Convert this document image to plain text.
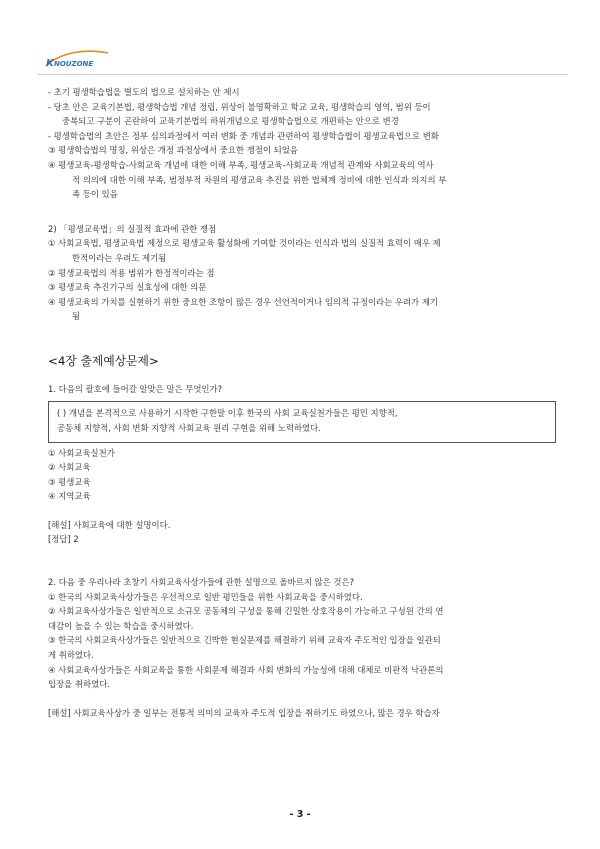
K NOUZONE

- 초기 평생학습법을 별도의 법으로 설치하는 안 제시

- 당초 안은 교육기본법, 평생학습법 개념 정립, 위상이 불명확하고 학교 교육, 평생학습의 영역, 범위 등이

중복되고 구분이 곤란하여 교육기본법의 하위개념으로 평생학습법으로 개편하는 안으로 변경

- 평생학습법의 초안은 정부 심의과정에서 여러 변화 중 개념과 관련하여 평생학습법이 평생교육법으로 변화

③ 평생학습법의 명칭, 위상은 개정 과정상에서 중요한 쟁점이 되었음

④ 평생교육-평생학습-사회교육 개념에 대한 이해 부족, 평생교육-사회교육 개념적 관계와 사회교육의 역사

적 의의에 대한 이해 부족, 범정부적 차원의 평생교육 추진을 위한 법체계 정비에 대한 인식과 의지의 부

족 등이 있음

2) 「평생교육법」의 실질적 효과에 관한 쟁점

① 사회교육법, 평생교육법 제정으로 평생교육 활성화에 기여할 것이라는 인식과 법의 실질적 효력이 매우 제

한적이라는 우려도 제기됨

② 평생교육법의 적용 범위가 한정적이라는 점

③ 평생교육 추진기구의 실효성에 대한 의문

④ 평생교육의 가치를 실현하기 위한 중요한 조항이 많은 경우 선언적이거나 임의적 규정이라는 우려가 제기

됨

<4장 출제예상문제>

1. 다음의 괄호에 들어갈 알맞은 말은 무엇인가?

( ) 개념을 본격적으로 사용하기 시작한 구한말 이후 한국의 사회 교육실천가들은 평민 지향적,
공동체 지향적, 사회 변화 지향적 사회교육 원리 구현을 위해 노력하였다.

① 사회교육실천가

② 사회교육

③ 평생교육

④ 지역교육

[해설] 사회교육에 대한 설명이다.

[정답] 2

2. 다음 중 우리나라 초창기 사회교육사상가들에 관한 설명으로 올바르지 않은 것은?

① 한국의 사회교육사상가들은 우선적으로 일반 평민들을 위한 사회교육을 중시하였다.

② 사회교육사상가들은 일반적으로 소규모 공동체의 구성을 통해 긴밀한 상호작용이 가능하고 구성원 간의 연

대감이 높을 수 있는 학습을 중시하였다.

③ 한국의 사회교육사상가들은 일반적으로 긴박한 현실문제를 해결하기 위해 교육자 주도적인 입장을 일관되

게 취하였다.

④ 사회교육사상가들은 사회교육을 통한 사회문제 해결과 사회 변화의 가능성에 대해 대체로 비판적 낙관론의

입장을 취하였다.

[해설] 사회교육사상가 중 일부는 전통적 의미의 교육자 주도적 입장을 취하기도 하였으나, 많은 경우 학습자

- 3 -
